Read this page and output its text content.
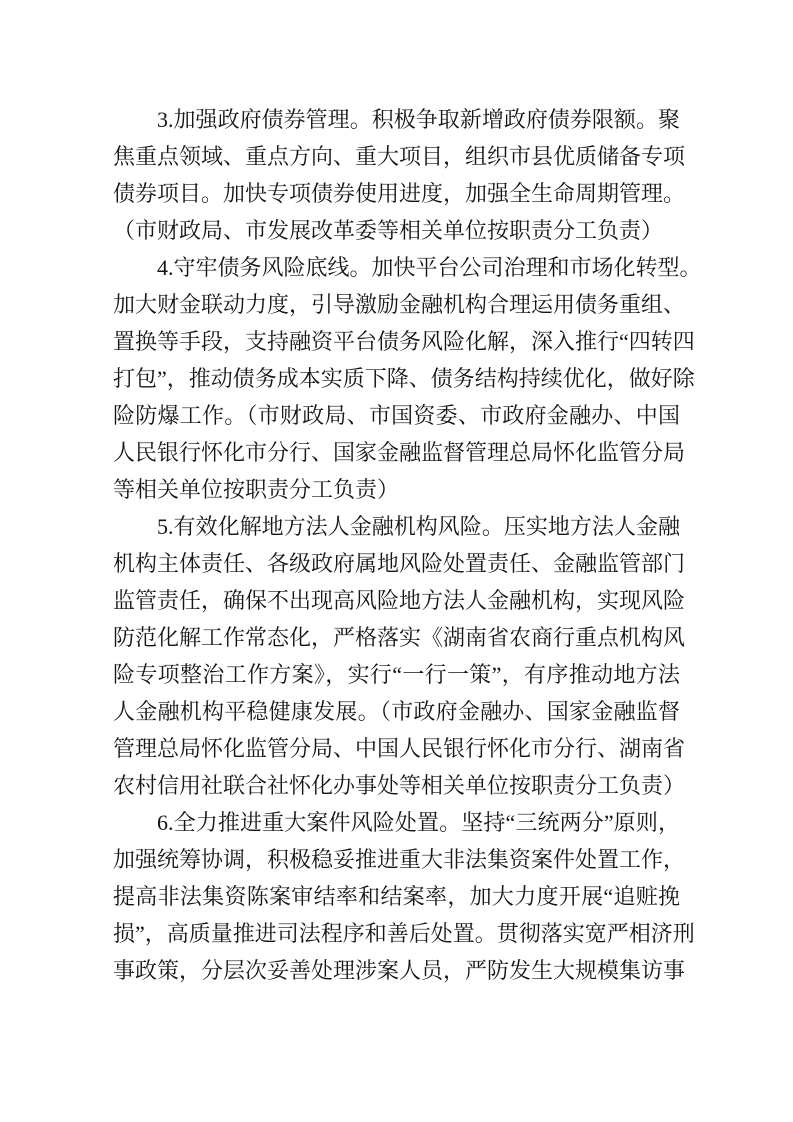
3.加强政府债券管理。积极争取新增政府债券限额。聚
焦重点领域、重点方向、重大项目，组织市县优质储备专项
债券项目。加快专项债券使用进度，加强全生命周期管理。
（市财政局、市发展改革委等相关单位按职责分工负责）
4.守牢债务风险底线。加快平台公司治理和市场化转型。
加大财金联动力度，引导激励金融机构合理运用债务重组、
置换等手段，支持融资平台债务风险化解，深入推行“四转四
打包”，推动债务成本实质下降、债务结构持续优化，做好除
险防爆工作。（市财政局、市国资委、市政府金融办、中国
人民银行怀化市分行、国家金融监督管理总局怀化监管分局
等相关单位按职责分工负责）
5.有效化解地方法人金融机构风险。压实地方法人金融
机构主体责任、各级政府属地风险处置责任、金融监管部门
监管责任，确保不出现高风险地方法人金融机构，实现风险
防范化解工作常态化，严格落实《湖南省农商行重点机构风
险专项整治工作方案》，实行“一行一策”，有序推动地方法
人金融机构平稳健康发展。（市政府金融办、国家金融监督
管理总局怀化监管分局、中国人民银行怀化市分行、湖南省
农村信用社联合社怀化办事处等相关单位按职责分工负责）
6.全力推进重大案件风险处置。坚持“三统两分”原则，
加强统筹协调，积极稳妥推进重大非法集资案件处置工作，
提高非法集资陈案审结率和结案率，加大力度开展“追赃挽
损”，高质量推进司法程序和善后处置。贯彻落实宽严相济刑
事政策，分层次妥善处理涉案人员，严防发生大规模集访事
